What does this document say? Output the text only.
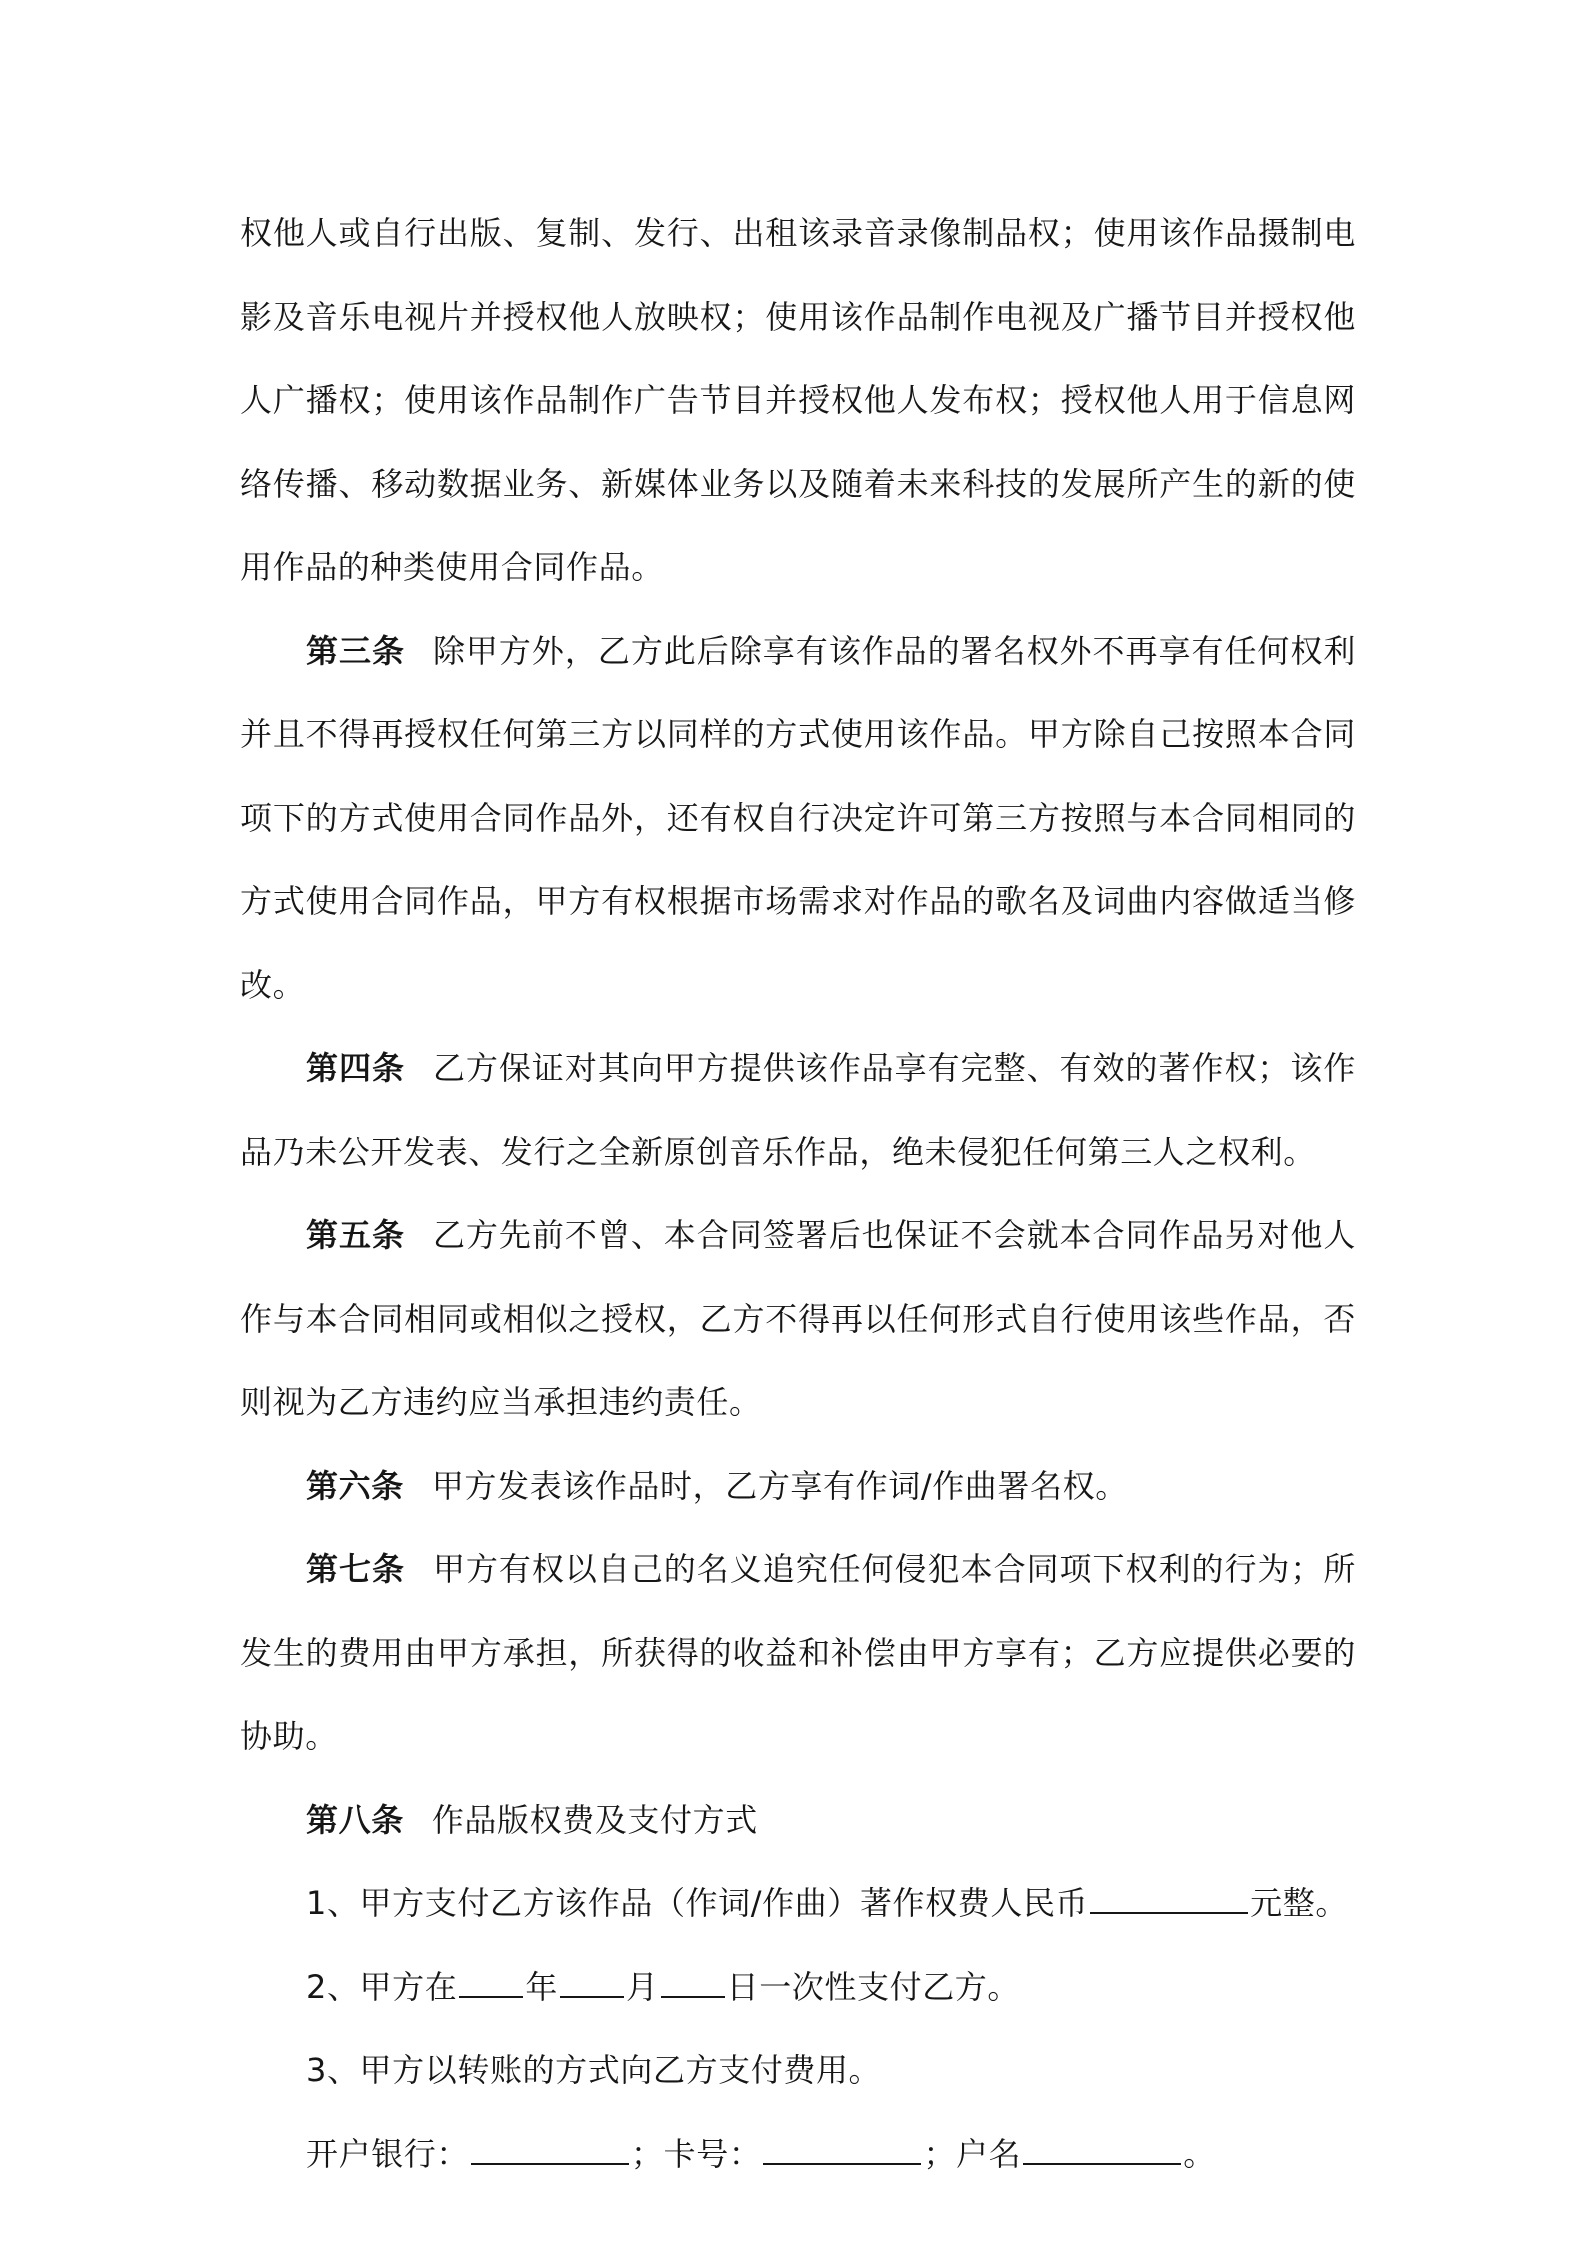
权他人或自行出版、复制、发行、出租该录音录像制品权；使用该作品摄制电影及音乐电视片并授权他人放映权；使用该作品制作电视及广播节目并授权他人广播权；使用该作品制作广告节目并授权他人发布权；授权他人用于信息网络传播、移动数据业务、新媒体业务以及随着未来科技的发展所产生的新的使用作品的种类使用合同作品。

第三条 除甲方外，乙方此后除享有该作品的署名权外不再享有任何权利并且不得再授权任何第三方以同样的方式使用该作品。甲方除自己按照本合同项下的方式使用合同作品外，还有权自行决定许可第三方按照与本合同相同的方式使用合同作品，甲方有权根据市场需求对作品的歌名及词曲内容做适当修改。

第四条 乙方保证对其向甲方提供该作品享有完整、有效的著作权；该作品乃未公开发表、发行之全新原创音乐作品，绝未侵犯任何第三人之权利。

第五条 乙方先前不曾、本合同签署后也保证不会就本合同作品另对他人作与本合同相同或相似之授权，乙方不得再以任何形式自行使用该些作品，否则视为乙方违约应当承担违约责任。

第六条 甲方发表该作品时，乙方享有作词/作曲署名权。

第七条 甲方有权以自己的名义追究任何侵犯本合同项下权利的行为；所发生的费用由甲方承担，所获得的收益和补偿由甲方享有；乙方应提供必要的协助。

第八条 作品版权费及支付方式

1、甲方支付乙方该作品（作词/作曲）著作权费人民币	元整。

2、甲方在 年 月 日一次性支付乙方。

3、甲方以转账的方式向乙方支付费用。

开户银行：	；卡号：	；户名	。
